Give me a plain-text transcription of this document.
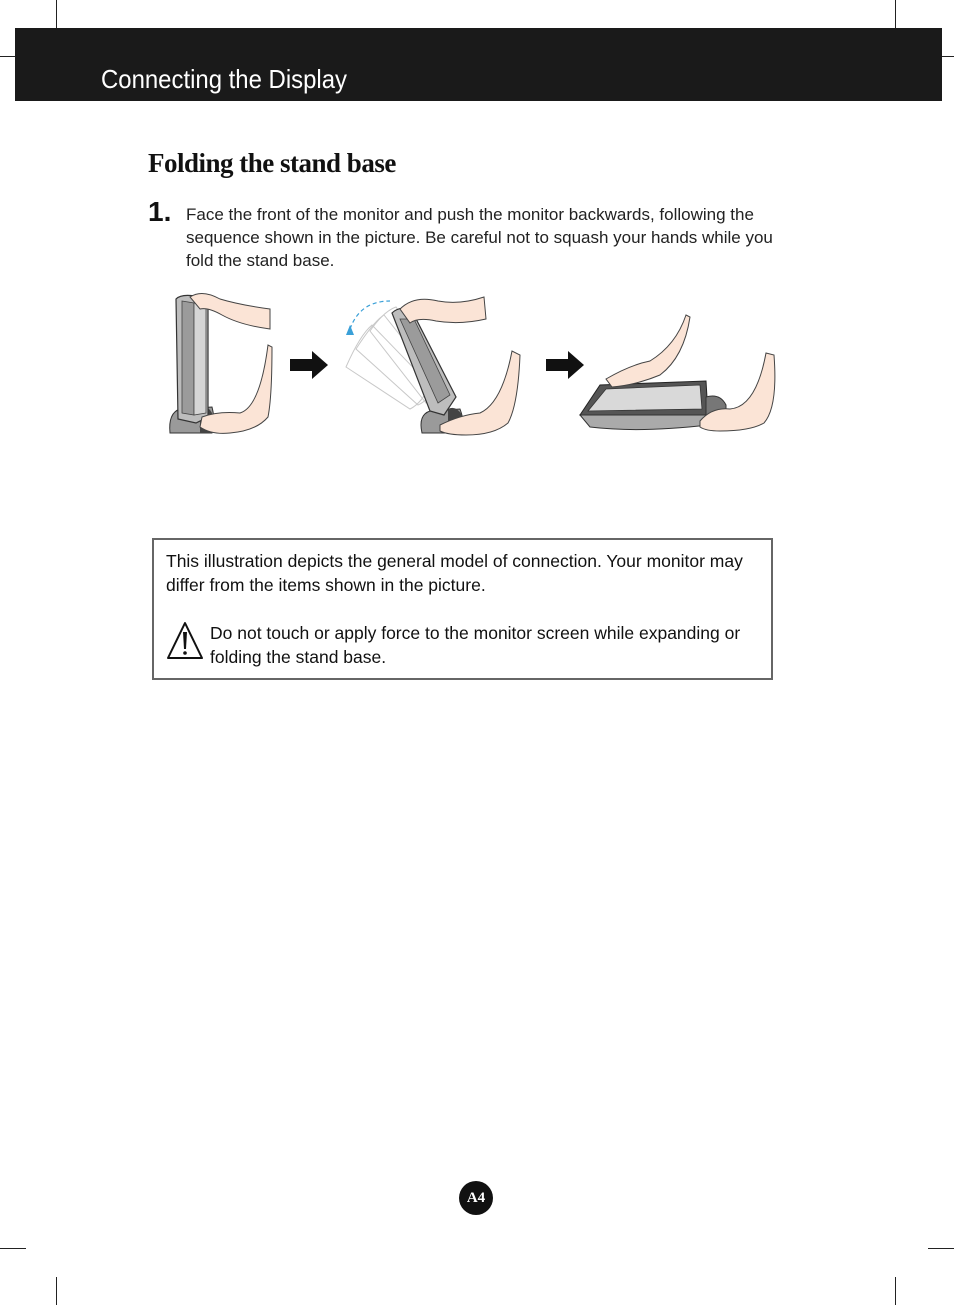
Connecting the Display
Folding the stand base
1. Face the front of the monitor and push the monitor backwards, following the sequence shown in the picture. Be careful not to squash your hands while you fold the stand base.

This illustration depicts the general model of connection. Your monitor may differ from the items shown in the picture.

Do not touch or apply force to the monitor screen while expanding or folding the stand base.

A4
